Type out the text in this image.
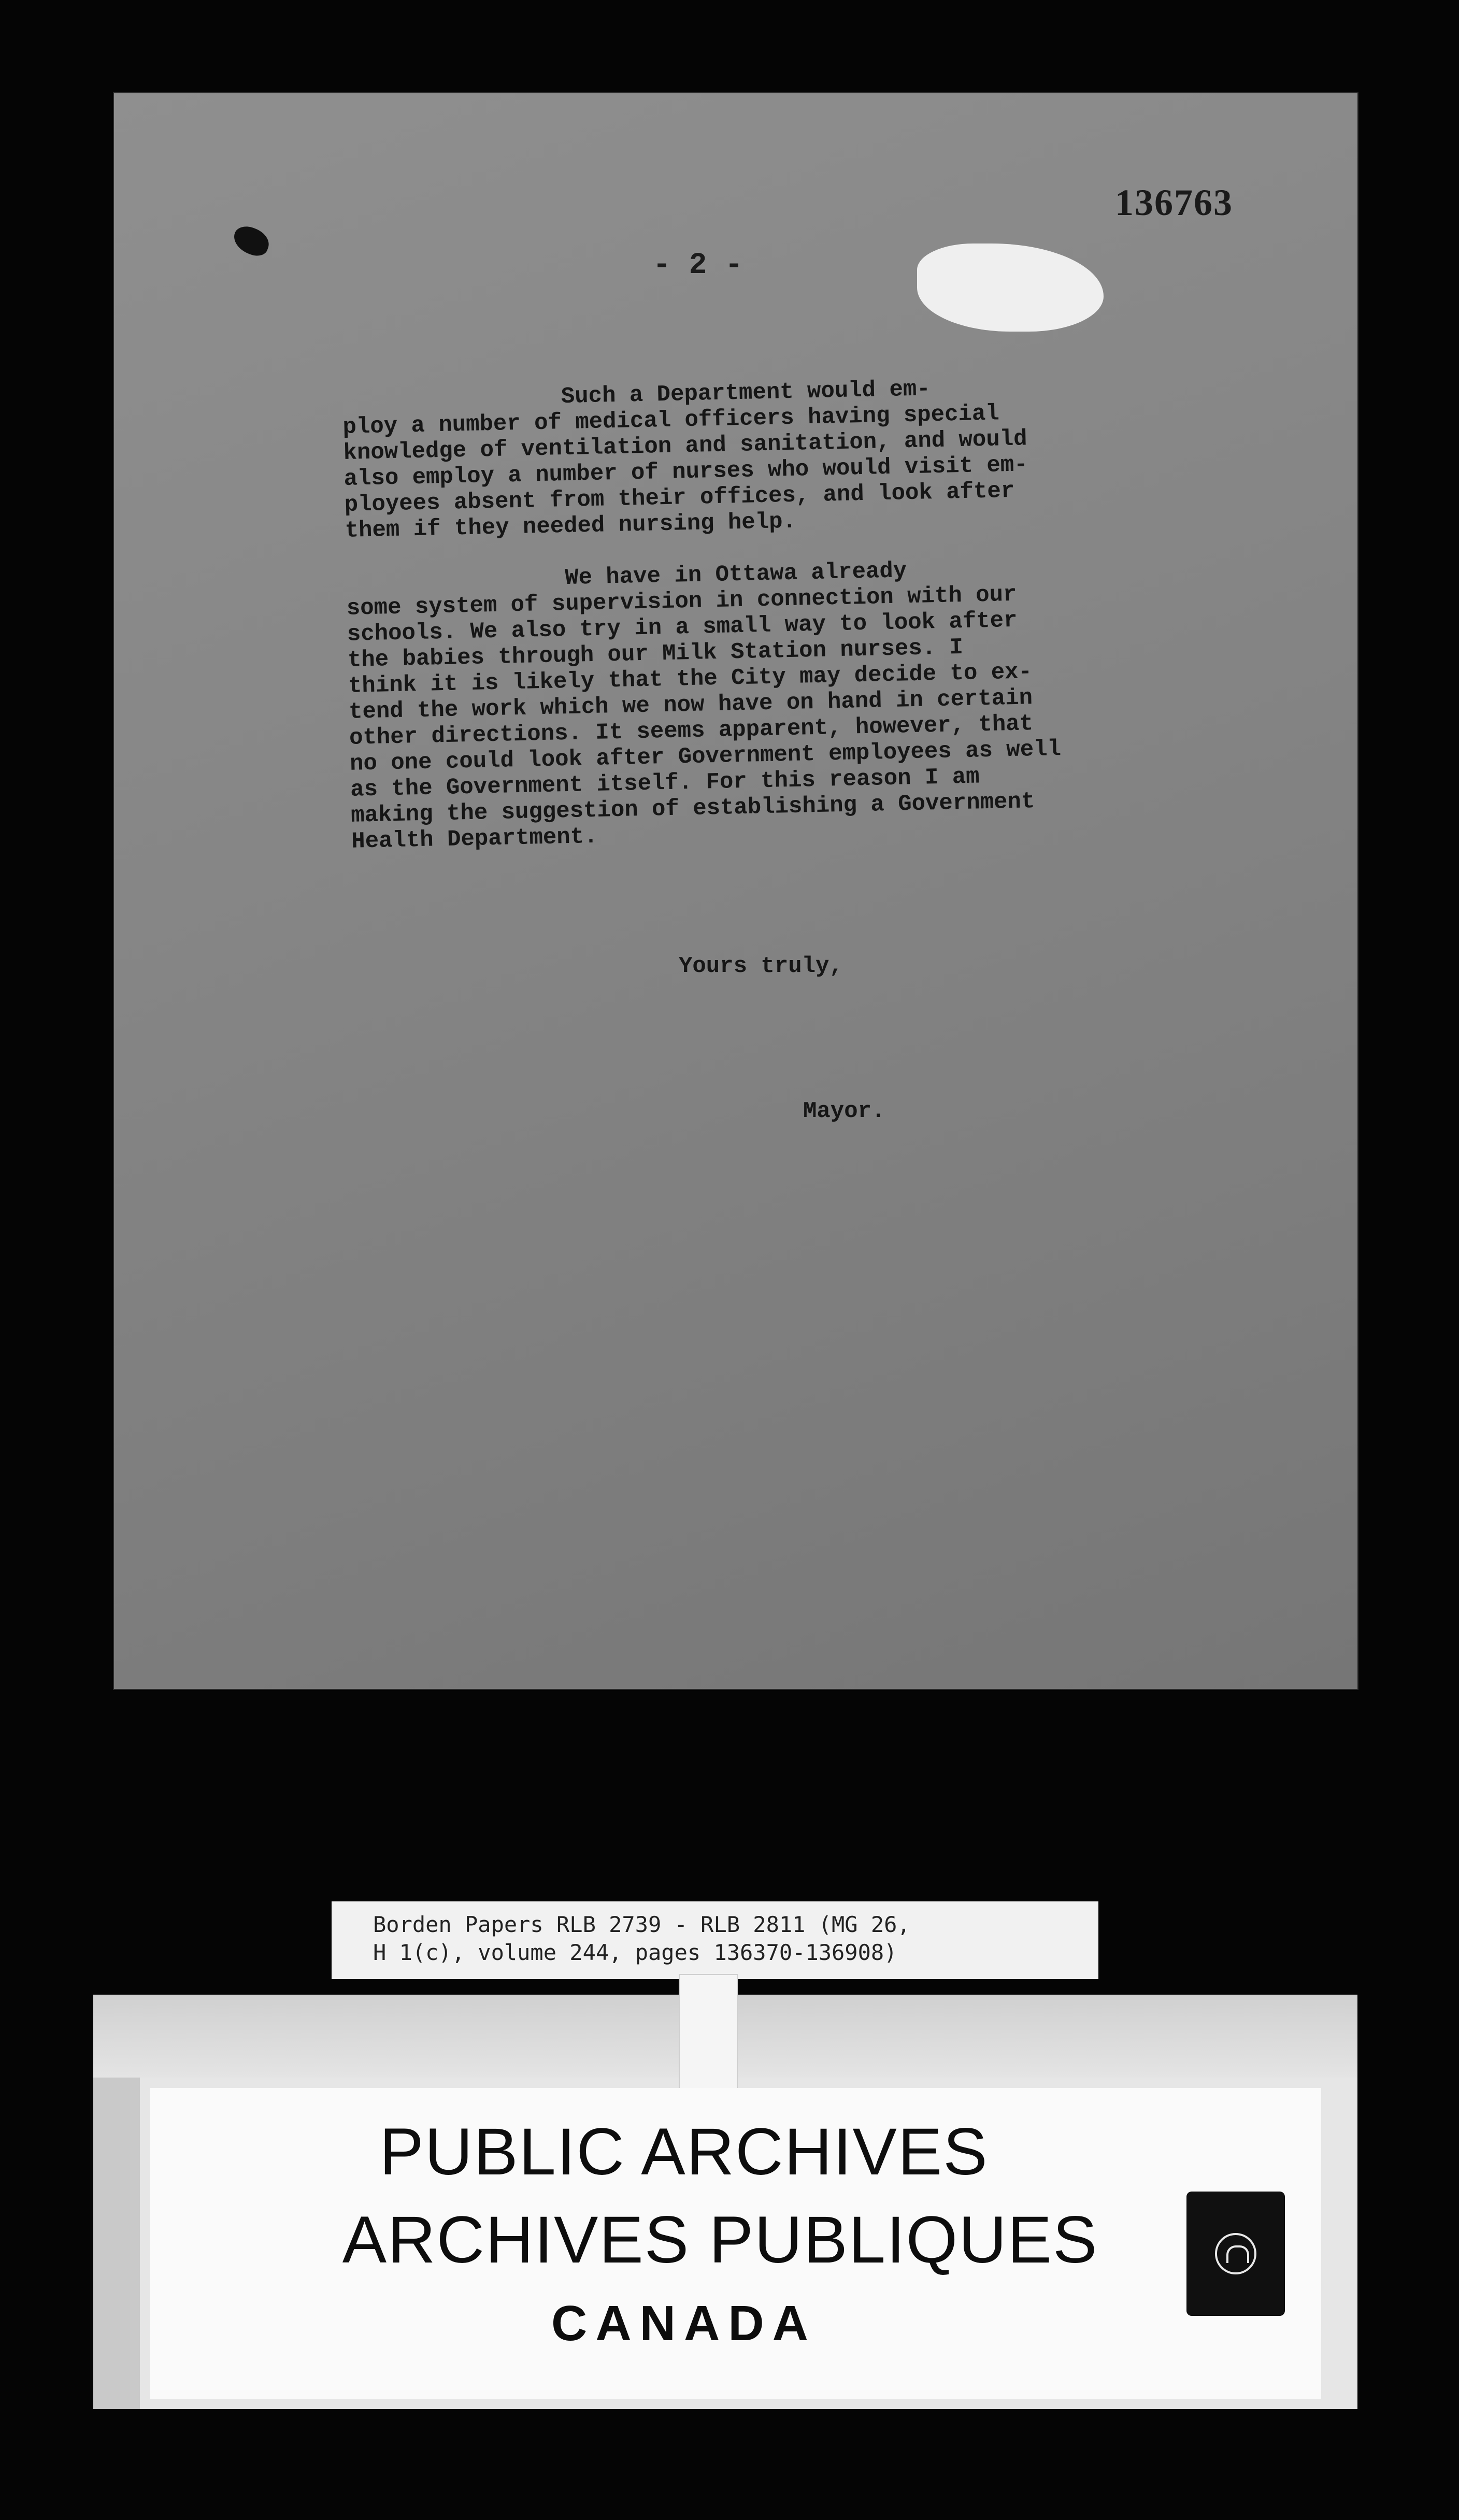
136763
- 2 -

Such a Department would em-
ploy a number of medical officers having special
knowledge of ventilation and sanitation, and would
also employ a number of nurses who would visit em-
ployees absent from their offices, and look after
them if they needed nursing help.

We have in Ottawa already
some system of supervision in connection with our
schools. We also try in a small way to look after
the babies through our Milk Station nurses. I
think it is likely that the City may decide to ex-
tend the work which we now have on hand in certain
other directions. It seems apparent, however, that
no one could look after Government employees as well
as the Government itself. For this reason I am
making the suggestion of establishing a Government
Health Department.

Yours truly,
Mayor.
Borden Papers RLB 2739 - RLB 2811 (MG 26,
H 1(c), volume 244, pages 136370-136908)
PUBLIC ARCHIVES
ARCHIVES PUBLIQUES
CANADA
